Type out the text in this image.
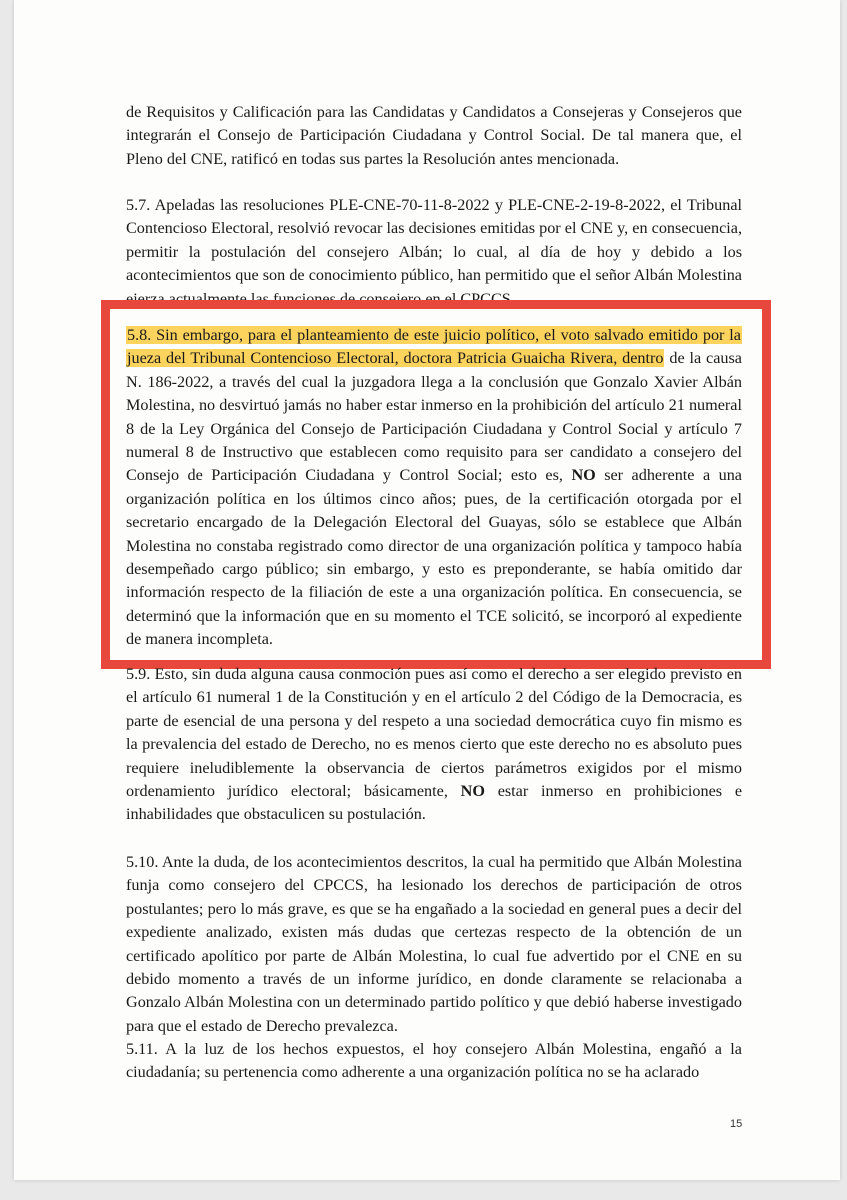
de Requisitos y Calificación para las Candidatas y Candidatos a Consejeras y Consejeros que integrarán el Consejo de Participación Ciudadana y Control Social. De tal manera que, el Pleno del CNE, ratificó en todas sus partes la Resolución antes mencionada.

5.7. Apeladas las resoluciones PLE-CNE-70-11-8-2022 y PLE-CNE-2-19-8-2022, el Tribunal Contencioso Electoral, resolvió revocar las decisiones emitidas por el CNE y, en consecuencia, permitir la postulación del consejero Albán; lo cual, al día de hoy y debido a los acontecimientos que son de conocimiento público, han permitido que el señor Albán Molestina ejerza actualmente las funciones de consejero en el CPCCS.

5.8. Sin embargo, para el planteamiento de este juicio político, el voto salvado emitido por la jueza del Tribunal Contencioso Electoral, doctora Patricia Guaicha Rivera, dentro de la causa N. 186-2022, a través del cual la juzgadora llega a la conclusión que Gonzalo Xavier Albán Molestina, no desvirtuó jamás no haber estar inmerso en la prohibición del artículo 21 numeral 8 de la Ley Orgánica del Consejo de Participación Ciudadana y Control Social y artículo 7 numeral 8 de Instructivo que establecen como requisito para ser candidato a consejero del Consejo de Participación Ciudadana y Control Social; esto es, NO ser adherente a una organización política en los últimos cinco años; pues, de la certificación otorgada por el secretario encargado de la Delegación Electoral del Guayas, sólo se establece que Albán Molestina no constaba registrado como director de una organización política y tampoco había desempeñado cargo público; sin embargo, y esto es preponderante, se había omitido dar información respecto de la filiación de este a una organización política. En consecuencia, se determinó que la información que en su momento el TCE solicitó, se incorporó al expediente de manera incompleta.

5.9. Esto, sin duda alguna causa conmoción pues así como el derecho a ser elegido previsto en el artículo 61 numeral 1 de la Constitución y en el artículo 2 del Código de la Democracia, es parte de esencial de una persona y del respeto a una sociedad democrática cuyo fin mismo es la prevalencia del estado de Derecho, no es menos cierto que este derecho no es absoluto pues requiere ineludiblemente la observancia de ciertos parámetros exigidos por el mismo ordenamiento jurídico electoral; básicamente, NO estar inmerso en prohibiciones e inhabilidades que obstaculicen su postulación.

5.10. Ante la duda, de los acontecimientos descritos, la cual ha permitido que Albán Molestina funja como consejero del CPCCS, ha lesionado los derechos de participación de otros postulantes; pero lo más grave, es que se ha engañado a la sociedad en general pues a decir del expediente analizado, existen más dudas que certezas respecto de la obtención de un certificado apolítico por parte de Albán Molestina, lo cual fue advertido por el CNE en su debido momento a través de un informe jurídico, en donde claramente se relacionaba a Gonzalo Albán Molestina con un determinado partido político y que debió haberse investigado para que el estado de Derecho prevalezca.

5.11. A la luz de los hechos expuestos, el hoy consejero Albán Molestina, engañó a la ciudadanía; su pertenencia como adherente a una organización política no se ha aclarado

15
